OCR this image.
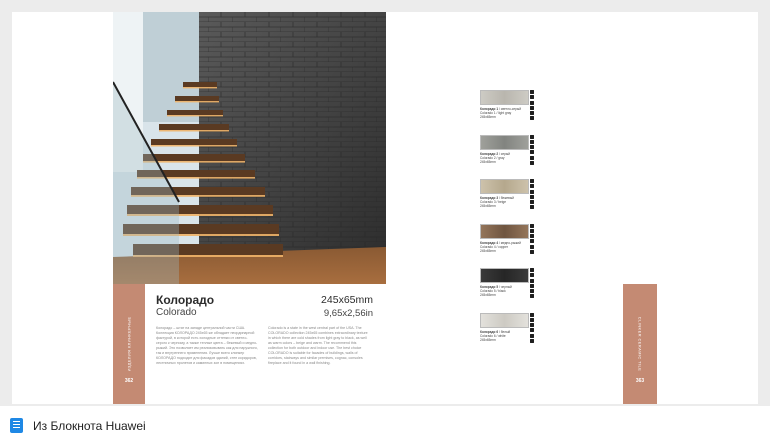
ИЗДЕЛИЯ КЛИНКЕРНЫЕ
362
Колорадо
Colorado
245x65mm
9,65x2,56in
Колорадо – штат на западе центральной части США. Коллекция КОЛОРАДО 245х65 же обладает неординарной фактурой, в которой есть холодные оттенки от светло-серого к черному, а также теплые цвета – бежевый и медно-рыжий. Это позволяет им реализовывать как для наружного, так и внутреннего применения. Лучше всего клинкер КОЛОРАДО подходит для фасадов зданий, стен коридоров, лестничных пролетов и каминных зон в помещениях.
Colorado is a state in the west central part of the USA. The COLORADO collection 245x65 combines extraordinary texture in which there are cold shades from light gray to black, as well as warm colors – beige and warm. The recommend this collection for both outdoor and indoor use. The best choice COLORADO is suitable for facades of buildings, walls of corridors, stairways and similar premises, cognac, consoles fireplace and it found in a wall finishing.
Колорадо 1 / светло-серый
Colorado 1 / light gray
245x65mm
Колорадо 2 / серый
Colorado 2 / gray
245x65mm
Колорадо 3 / бежевый
Colorado 3 / beige
245x65mm
Колорадо 4 / медно-рыжий
Colorado 4 / copper
245x65mm
Колорадо 5 / черный
Colorado 5 / black
245x65mm
Колорадо 6 / белый
Colorado 6 / white
245x65mm	CLINKER CERAMIC TILE
363
Из Блокнота Huawei
